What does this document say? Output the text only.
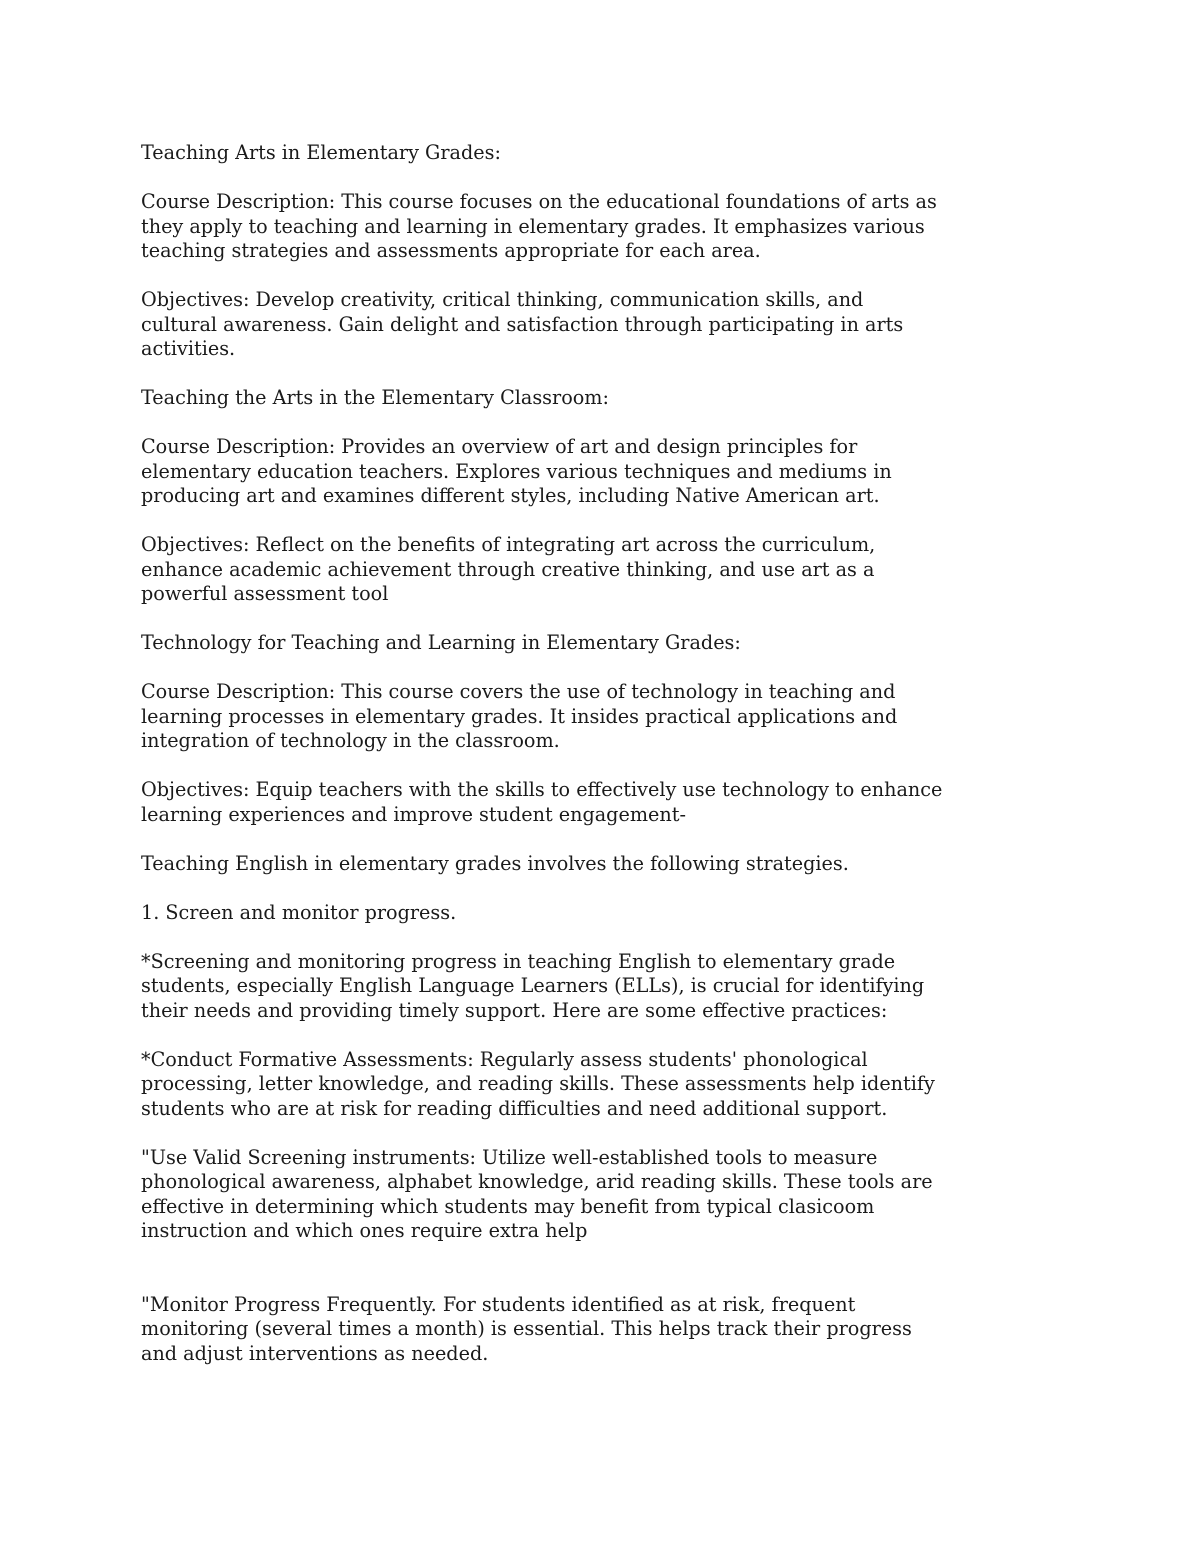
Teaching Arts in Elementary Grades:

Course Description: This course focuses on the educational foundations of arts as
they apply to teaching and learning in elementary grades. It emphasizes various
teaching strategies and assessments appropriate for each area.

Objectives: Develop creativity, critical thinking, communication skills, and
cultural awareness. Gain delight and satisfaction through participating in arts
activities.

Teaching the Arts in the Elementary Classroom:

Course Description: Provides an overview of art and design principles for
elementary education teachers. Explores various techniques and mediums in
producing art and examines different styles, including Native American art.

Objectives: Reflect on the benefits of integrating art across the curriculum,
enhance academic achievement through creative thinking, and use art as a
powerful assessment tool

Technology for Teaching and Learning in Elementary Grades:

Course Description: This course covers the use of technology in teaching and
learning processes in elementary grades. It insides practical applications and
integration of technology in the classroom.

Objectives: Equip teachers with the skills to effectively use technology to enhance
learning experiences and improve student engagement-

Teaching English in elementary grades involves the following strategies.

1. Screen and monitor progress.

*Screening and monitoring progress in teaching English to elementary grade
students, especially English Language Learners (ELLs), is crucial for identifying
their needs and providing timely support. Here are some effective practices:

*Conduct Formative Assessments: Regularly assess students' phonological
processing, letter knowledge, and reading skills. These assessments help identify
students who are at risk for reading difficulties and need additional support.

"Use Valid Screening instruments: Utilize well-established tools to measure
phonological awareness, alphabet knowledge, arid reading skills. These tools are
effective in determining which students may benefit from typical clasicoom
instruction and which ones require extra help

"Monitor Progress Frequently. For students identified as at risk, frequent
monitoring (several times a month) is essential. This helps track their progress
and adjust interventions as needed.
